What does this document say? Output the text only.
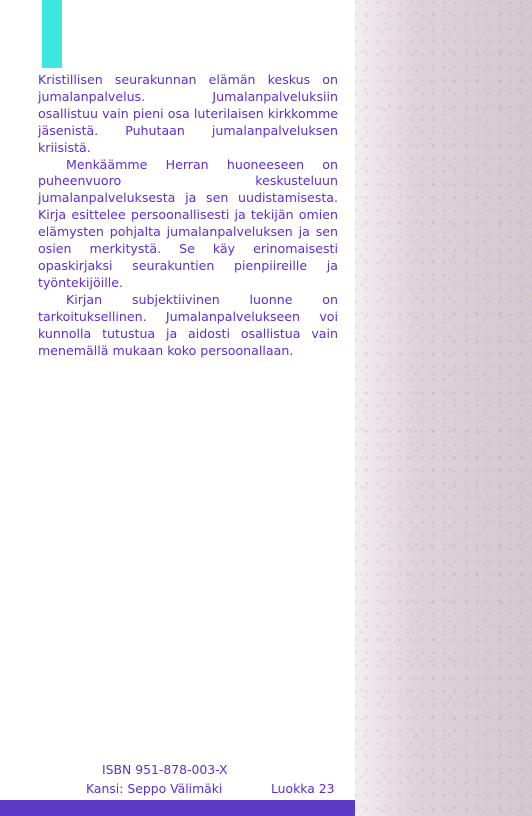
Kristillisen seurakunnan elämän keskus on jumalanpalvelus. Jumalanpalveluksiin osallistuu vain pieni osa luterilaisen kirkkomme jäsenistä. Puhutaan jumalanpalveluksen kriisistä.

Menkäämme Herran huoneeseen on puheenvuoro keskusteluun jumalanpalveluksesta ja sen uudistamisesta. Kirja esittelee persoonallisesti ja tekijän omien elämysten pohjalta jumalanpalveluksen ja sen osien merkitystä. Se käy erinomaisesti opaskirjaksi seurakuntien pienpiireille ja työntekijöille.

Kirjan subjektiivinen luonne on tarkoituksellinen. Jumalanpalvelukseen voi kunnolla tutustua ja aidosti osallistua vain menemällä mukaan koko persoonallaan.

ISBN 951-878-003-X
Kansi: Seppo Välimäki	Luokka 23
